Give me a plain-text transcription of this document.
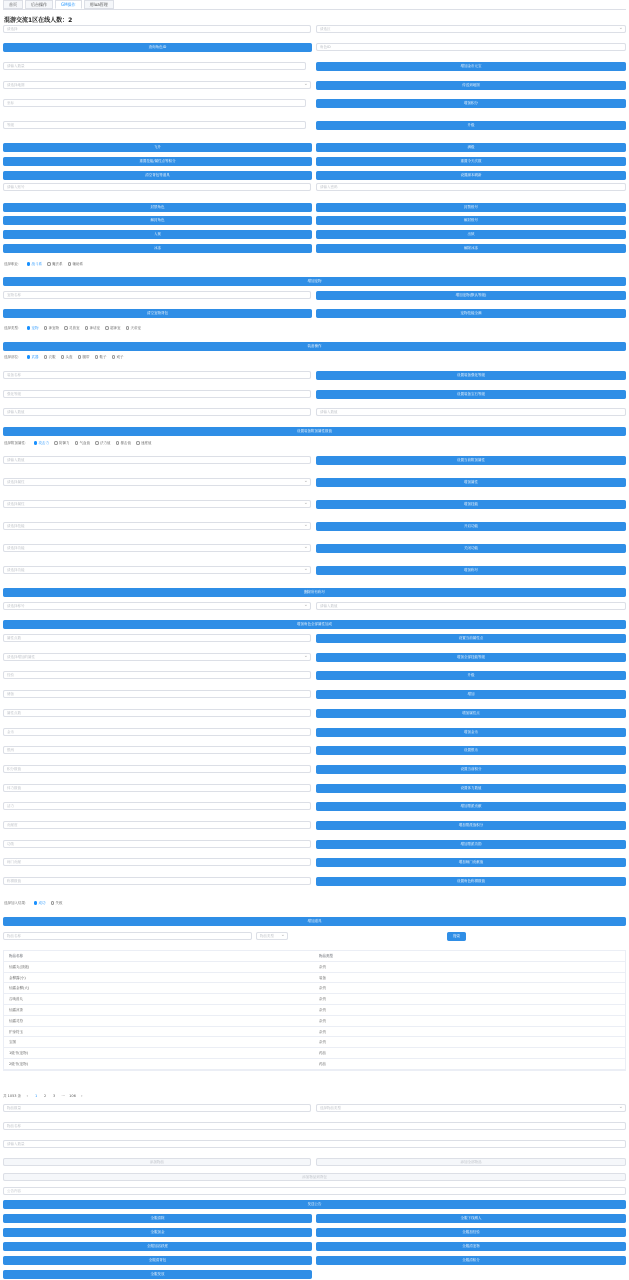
首页	后台操作	GM操作	用lua管理
混游交流1区在线人数：2
请选择	请选区 ⌄
查询角色ID	角色ID
请输入数量	增加金币元宝
请选择地图 ⌄	传送到地图
坐标	增加积分
等级	升级
飞升	满级
重置技能/属性点等积分	重置今天次数
清空背包等道具	设置副本刷新
请输入账号	请输入密码
封禁角色	封禁账号
解封角色	解封账号
入狱	出狱
冰冻	解除冰冻
选择职业：	战斗系	魔法系	辅助系
增加宠物
宠物名称	增加宠物(默认等级)
清空宠物背包	宠物技能全满
选择类型：	宠物	神宠物	灵兽宠	神话宠	超神宠	天帝宠
装备操作
选择部位：	武器	衣服	头盔	腰带	鞋子	戒子
装备名称	设置装备强化等级
强化等级	设置装备宝石等级
请输入数值	请输入数值
设置装备附加属性数值
选择附加属性：	攻击力	防御力	气血值	法力值	暴击值	速度值
请输入数值	设置当前附加属性
请选择属性 ⌄	增加属性
请选择属性 ⌄	增加技能
请选择技能 ⌄	开启功能
请选择功能 ⌄	关闭功能
请选择功能 ⌄	增加称号
删除所有称号
请选择称号 ⌄	请输入数值
增加角色全部属性加成
属性点数	设置当前属性点
请选择增加的属性 ⌄	增加全部技能等级
经验	升级
储备	增加
属性点数	增加属性点
金币	增加金币
银两	设置银币
积分数值	设置当前积分
体力数值	设置体力数值
活力	增加帮派贡献
贡献度	增加帮派战积分
功勋	增加帮派功勋
师门贡献	增加师门贡献值
称谓数值	设置角色称谓数值
选择加入结果：	成功	失败
增加道具
物品名称	物品类型 ⌄	搜索
物品名称	物品类型
仙露丸(顶级)	杂货
金柳露(小)	装备
仙露金柳(大)	杂货
召唤兽丸	杂货
仙露凉茶	杂货
仙露灵符	杂货
护身符玉	杂货
宝图	杂货
1级书(宠物)	药品
2级书(宠物)	药品
共 1053 条	‹	1	2	3	···	106	›
物品数量	选择物品类型 ⌄
物品名称
请输入数量
添加物品	添加全部物品
添加物品到背包
公告内容
发送公告
全服清除	全服下线踢人
全服加金	全服加经验
全服加活跃度	全服清宠物
全服清背包	全服清积分
全服发放
